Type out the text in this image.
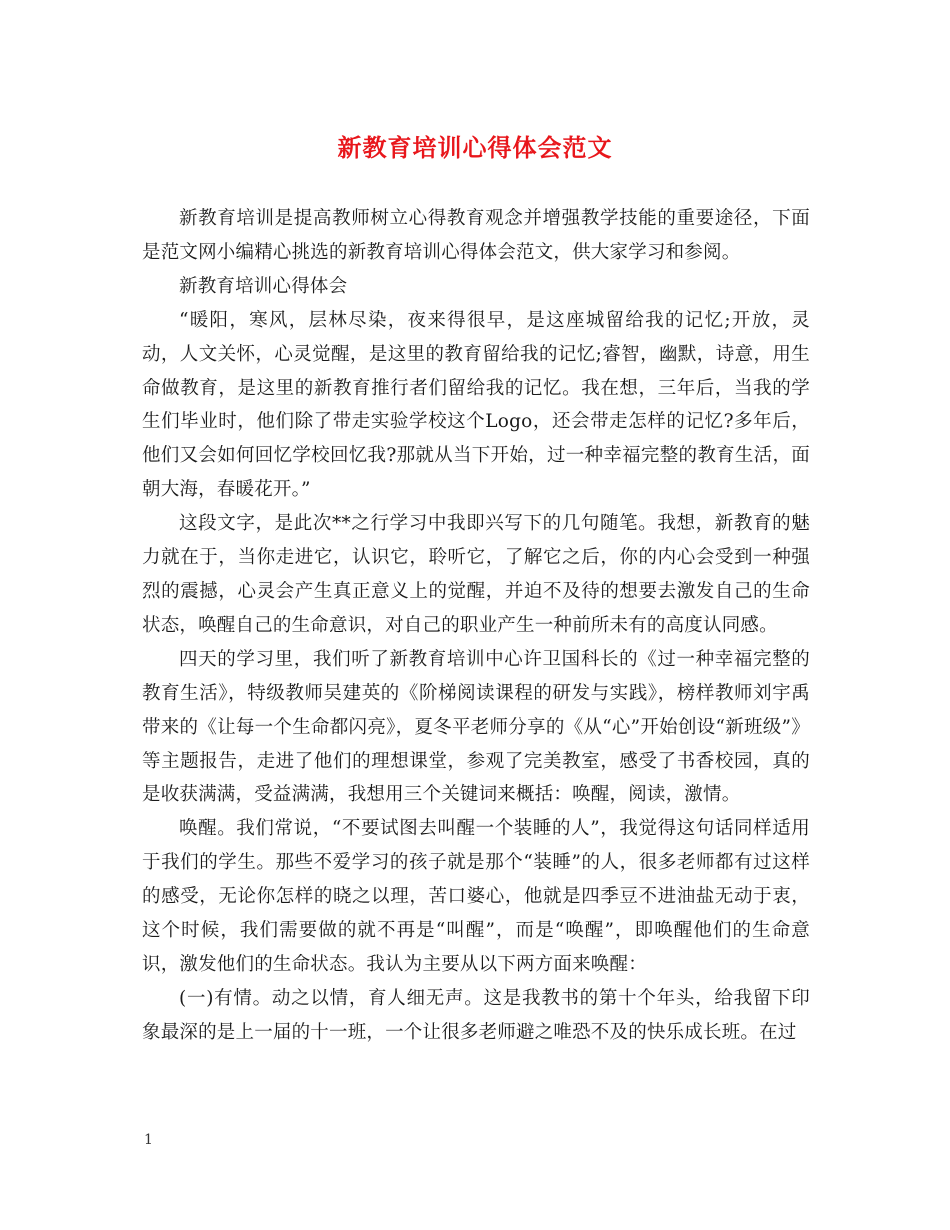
新教育培训心得体会范文

新教育培训是提高教师树立心得教育观念并增强教学技能的重要途径，下面是范文网小编精心挑选的新教育培训心得体会范文，供大家学习和参阅。

新教育培训心得体会

“暖阳，寒风，层林尽染，夜来得很早，是这座城留给我的记忆;开放，灵动，人文关怀，心灵觉醒，是这里的教育留给我的记忆;睿智，幽默，诗意，用生命做教育，是这里的新教育推行者们留给我的记忆。我在想，三年后，当我的学生们毕业时，他们除了带走实验学校这个Logo，还会带走怎样的记忆?多年后，他们又会如何回忆学校回忆我?那就从当下开始，过一种幸福完整的教育生活，面朝大海，春暖花开。”

这段文字，是此次**之行学习中我即兴写下的几句随笔。我想，新教育的魅力就在于，当你走进它，认识它，聆听它，了解它之后，你的内心会受到一种强烈的震撼，心灵会产生真正意义上的觉醒，并迫不及待的想要去激发自己的生命状态，唤醒自己的生命意识，对自己的职业产生一种前所未有的高度认同感。

四天的学习里，我们听了新教育培训中心许卫国科长的《过一种幸福完整的教育生活》，特级教师吴建英的《阶梯阅读课程的研发与实践》，榜样教师刘宇禹带来的《让每一个生命都闪亮》，夏冬平老师分享的《从“心”开始创设“新班级”》等主题报告，走进了他们的理想课堂，参观了完美教室，感受了书香校园，真的是收获满满，受益满满，我想用三个关键词来概括：唤醒，阅读，激情。

唤醒。我们常说，“不要试图去叫醒一个装睡的人”，我觉得这句话同样适用于我们的学生。那些不爱学习的孩子就是那个“装睡”的人，很多老师都有过这样的感受，无论你怎样的晓之以理，苦口婆心，他就是四季豆不进油盐无动于衷，这个时候，我们需要做的就不再是“叫醒”，而是“唤醒”，即唤醒他们的生命意识，激发他们的生命状态。我认为主要从以下两方面来唤醒：

(一)有情。动之以情，育人细无声。这是我教书的第十个年头，给我留下印象最深的是上一届的十一班，一个让很多老师避之唯恐不及的快乐成长班。在过

1
